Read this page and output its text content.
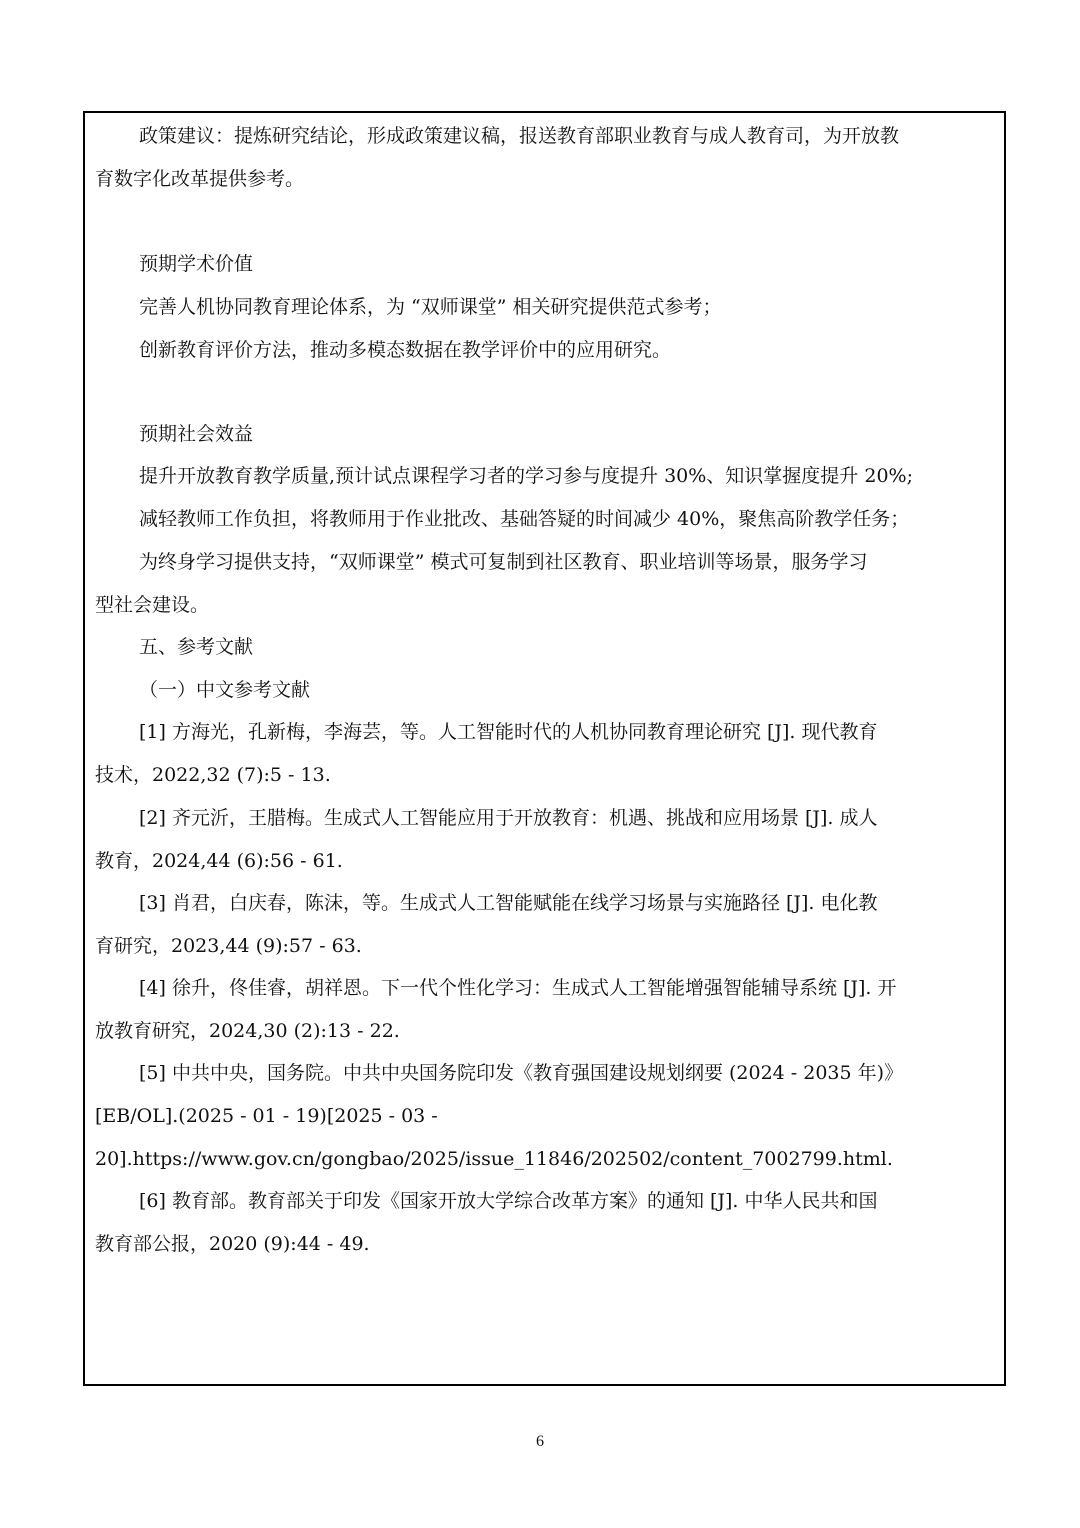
政策建议：提炼研究结论，形成政策建议稿，报送教育部职业教育与成人教育司，为开放教
育数字化改革提供参考。
预期学术价值
完善人机协同教育理论体系，为 “双师课堂” 相关研究提供范式参考；
创新教育评价方法，推动多模态数据在教学评价中的应用研究。
预期社会效益
提升开放教育教学质量,预计试点课程学习者的学习参与度提升 30%、知识掌握度提升 20%;
减轻教师工作负担，将教师用于作业批改、基础答疑的时间减少 40%，聚焦高阶教学任务；
为终身学习提供支持，“双师课堂” 模式可复制到社区教育、职业培训等场景，服务学习
型社会建设。
五、参考文献
（一）中文参考文献
[1] 方海光，孔新梅，李海芸，等。人工智能时代的人机协同教育理论研究 [J]. 现代教育
技术，2022,32 (7):5 - 13.
[2] 齐元沂，王腊梅。生成式人工智能应用于开放教育：机遇、挑战和应用场景 [J]. 成人
教育，2024,44 (6):56 - 61.
[3] 肖君，白庆春，陈沫，等。生成式人工智能赋能在线学习场景与实施路径 [J]. 电化教
育研究，2023,44 (9):57 - 63.
[4] 徐升，佟佳睿，胡祥恩。下一代个性化学习：生成式人工智能增强智能辅导系统 [J]. 开
放教育研究，2024,30 (2):13 - 22.
[5] 中共中央，国务院。中共中央国务院印发《教育强国建设规划纲要 (2024 - 2035 年)》
[EB/OL].(2025 - 01 - 19)[2025 - 03 -
20].https://www.gov.cn/gongbao/2025/issue_11846/202502/content_7002799.html.
[6] 教育部。教育部关于印发《国家开放大学综合改革方案》的通知 [J]. 中华人民共和国
教育部公报，2020 (9):44 - 49.
6
